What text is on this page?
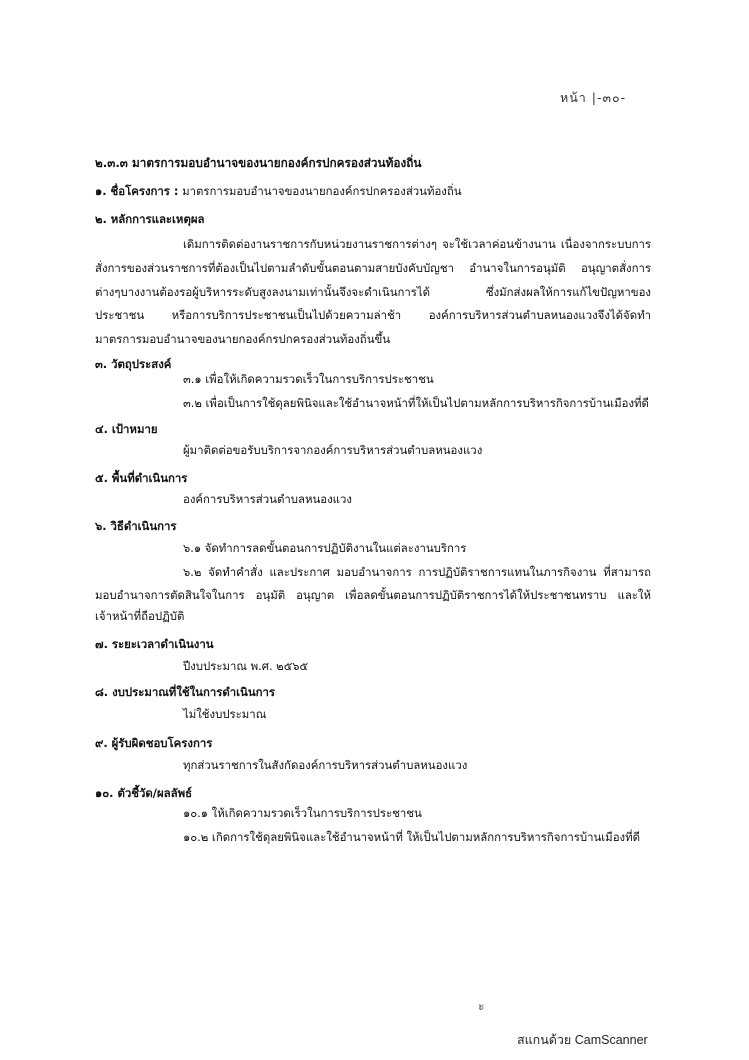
หน้า |-๓๐-
๒.๓.๓ มาตรการมอบอำนาจของนายกองค์กรปกครองส่วนท้องถิ่น
๑. ชื่อโครงการ : มาตรการมอบอำนาจของนายกองค์กรปกครองส่วนท้องถิ่น
๒. หลักการและเหตุผล
เดิมการติดต่องานราชการกับหน่วยงานราชการต่างๆ จะใช้เวลาค่อนข้างนาน เนื่องจากระบบการ
สั่งการของส่วนราชการที่ต้องเป็นไปตามลำดับขั้นตอนตามสายบังคับบัญชา อำนาจในการอนุมัติ อนุญาตสั่งการ
ต่างๆบางงานต้องรอผู้บริหารระดับสูงลงนามเท่านั้นจึงจะดำเนินการได้ ซึ่งมักส่งผลให้การแก้ไขปัญหาของ
ประชาชน หรือการบริการประชาชนเป็นไปด้วยความล่าช้า องค์การบริหารส่วนตำบลหนองแวงจึงได้จัดทำ
มาตรการมอบอำนาจของนายกองค์กรปกครองส่วนท้องถิ่นขึ้น
๓. วัตถุประสงค์
๓.๑ เพื่อให้เกิดความรวดเร็วในการบริการประชาชน
๓.๒ เพื่อเป็นการใช้ดุลยพินิจและใช้อำนาจหน้าที่ให้เป็นไปตามหลักการบริหารกิจการบ้านเมืองที่ดี
๔. เป้าหมาย
ผู้มาติดต่อขอรับบริการจากองค์การบริหารส่วนตำบลหนองแวง
๕. พื้นที่ดำเนินการ
องค์การบริหารส่วนตำบลหนองแวง
๖. วิธีดำเนินการ
๖.๑ จัดทำการลดขั้นตอนการปฏิบัติงานในแต่ละงานบริการ
๖.๒ จัดทำคำสั่ง และประกาศ มอบอำนาจการ การปฏิบัติราชการแทนในภารกิจงาน ที่สามารถ
มอบอำนาจการตัดสินใจในการ อนุมัติ อนุญาต เพื่อลดขั้นตอนการปฏิบัติราชการได้ให้ประชาชนทราบ และให้
เจ้าหน้าที่ถือปฏิบัติ
๗. ระยะเวลาดำเนินงาน
ปีงบประมาณ พ.ศ. ๒๕๖๕
๘. งบประมาณที่ใช้ในการดำเนินการ
ไม่ใช้งบประมาณ
๙. ผู้รับผิดชอบโครงการ
ทุกส่วนราชการในสังกัดองค์การบริหารส่วนตำบลหนองแวง
๑๐. ตัวชี้วัด/ผลลัพธ์
๑๐.๑ ให้เกิดความรวดเร็วในการบริการประชาชน
๑๐.๒ เกิดการใช้ดุลยพินิจและใช้อำนาจหน้าที่ ให้เป็นไปตามหลักการบริหารกิจการบ้านเมืองที่ดี
ะ
สแกนด้วย CamScanner
